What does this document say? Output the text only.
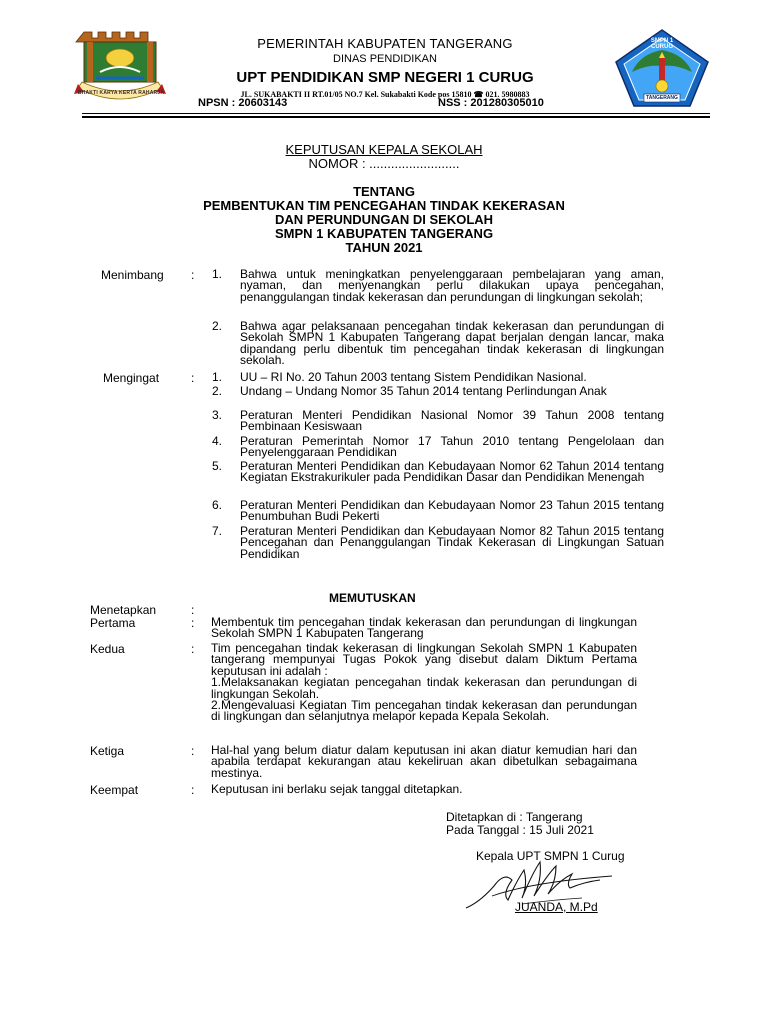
BHAKTI KARYA KERTA RAHARJA
PEMERINTAH KABUPATEN TANGERANG
DINAS PENDIDIKAN
UPT PENDIDIKAN SMP NEGERI 1 CURUG
JL. SUKABAKTI II RT.01/05 NO.7 Kel. Sukabakti Kode pos 15810 ☎ 021. 5980883
NPSN : 20603143	NSS : 201280305010
SMPN 1 CURUG
TANGERANG
KEPUTUSAN KEPALA SEKOLAH
NOMOR : .........................
TENTANG
PEMBENTUKAN TIM PENCEGAHAN TINDAK KEKERASAN
DAN PERUNDUNGAN DI SEKOLAH
SMPN 1 KABUPATEN TANGERANG
TAHUN 2021
Menimbang : 1. Bahwa untuk meningkatkan penyelenggaraan pembelajaran yang aman, nyaman, dan menyenangkan perlu dilakukan upaya pencegahan, penanggulangan tindak kekerasan dan perundungan di lingkungan sekolah;
2. Bahwa agar pelaksanaan pencegahan tindak kekerasan dan perundungan di Sekolah SMPN 1 Kabupaten Tangerang dapat berjalan dengan lancar, maka dipandang perlu dibentuk tim pencegahan tindak kekerasan di lingkungan sekolah.
Mengingat	: 1. UU – RI No. 20 Tahun 2003 tentang Sistem Pendidikan Nasional.
2. Undang – Undang Nomor 35 Tahun 2014 tentang Perlindungan Anak
3. Peraturan Menteri Pendidikan Nasional Nomor 39 Tahun 2008 tentang Pembinaan Kesiswaan
4. Peraturan Pemerintah Nomor 17 Tahun 2010 tentang Pengelolaan dan Penyelenggaraan Pendidikan
5. Peraturan Menteri Pendidikan dan Kebudayaan Nomor 62 Tahun 2014 tentang Kegiatan Ekstrakurikuler pada Pendidikan Dasar dan Pendidikan Menengah
6. Peraturan Menteri Pendidikan dan Kebudayaan Nomor 23 Tahun 2015 tentang Penumbuhan Budi Pekerti
7. Peraturan Menteri Pendidikan dan Kebudayaan Nomor 82 Tahun 2015 tentang Pencegahan dan Penanggulangan Tindak Kekerasan di Lingkungan Satuan Pendidikan
MEMUTUSKAN
Menetapkan	:
Pertama	: Membentuk tim pencegahan tindak kekerasan dan perundungan di lingkungan Sekolah SMPN 1 Kabupaten Tangerang
Kedua	: Tim pencegahan tindak kekerasan di lingkungan Sekolah SMPN 1 Kabupaten tangerang mempunyai Tugas Pokok yang disebut dalam Diktum Pertama keputusan ini adalah :
1.Melaksanakan kegiatan pencegahan tindak kekerasan dan perundungan di lingkungan Sekolah.
2.Mengevaluasi Kegiatan Tim pencegahan tindak kekerasan dan perundungan di lingkungan dan selanjutnya melapor kepada Kepala Sekolah.
Ketiga	: Hal-hal yang belum diatur dalam keputusan ini akan diatur kemudian hari dan apabila terdapat kekurangan atau kekeliruan akan dibetulkan sebagaimana mestinya.
Keempat	: Keputusan ini berlaku sejak tanggal ditetapkan.
Ditetapkan di : Tangerang
Pada Tanggal : 15 Juli 2021
Kepala UPT SMPN 1 Curug
JUANDA, M.Pd
